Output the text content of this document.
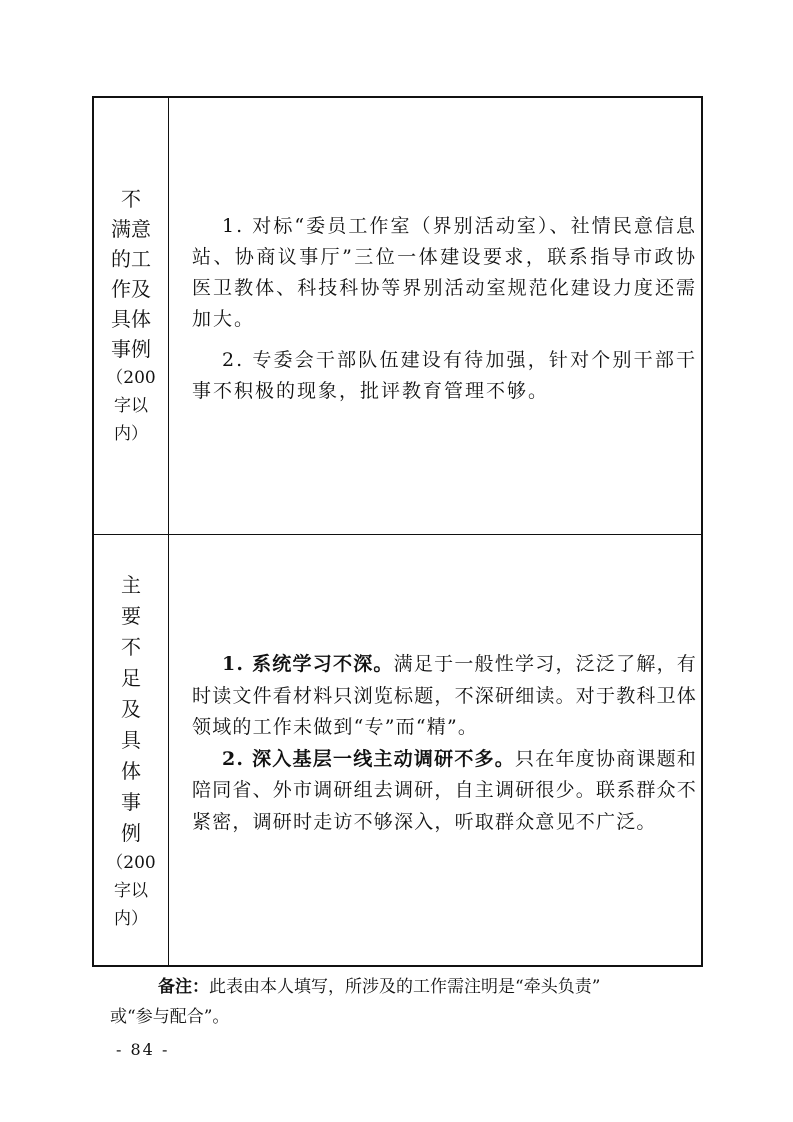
不
满意
的工
作及
具体
事例
（200
字以
内）

1. 对标“委员工作室（界别活动室）、社情民意信息站、协商议事厅”三位一体建设要求，联系指导市政协医卫教体、科技科协等界别活动室规范化建设力度还需加大。

2. 专委会干部队伍建设有待加强，针对个别干部干事不积极的现象，批评教育管理不够。

主
要
不
足
及
具
体
事
例
（200
字以
内）

1. 系统学习不深。满足于一般性学习，泛泛了解，有时读文件看材料只浏览标题，不深研细读。对于教科卫体领域的工作未做到“专”而“精”。

2. 深入基层一线主动调研不多。只在年度协商课题和陪同省、外市调研组去调研，自主调研很少。联系群众不紧密，调研时走访不够深入，听取群众意见不广泛。

备注：此表由本人填写，所涉及的工作需注明是“牵头负责”
或“参与配合”。
- 84 -
